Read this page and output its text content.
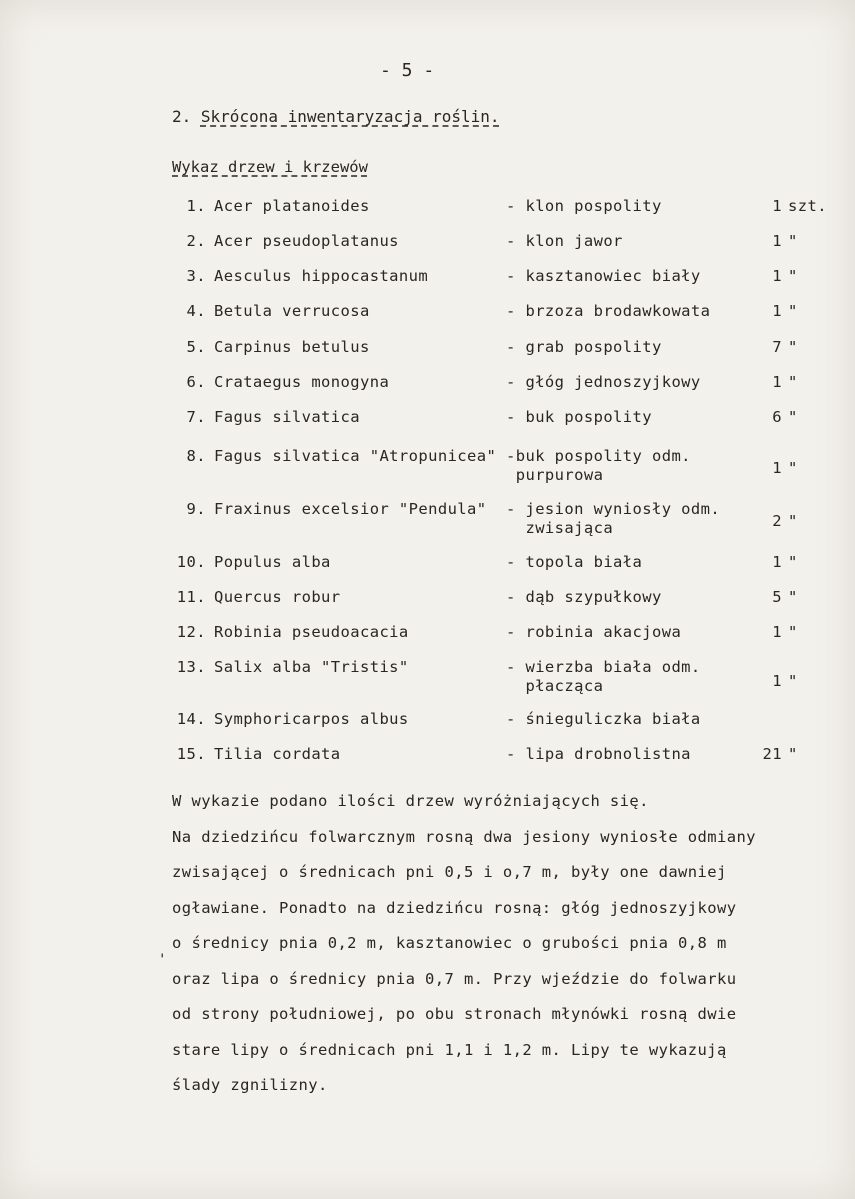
- 5 -
2. Skrócona inwentaryzacja roślin.
Wykaz drzew i krzewów
1. Acer platanoides	- klon pospolity	1 szt.
2. Acer pseudoplatanus	- klon jawor	1 "
3. Aesculus hippocastanum	- kasztanowiec biały	1 "
4. Betula verrucosa	- brzoza brodawkowata	1 "
5. Carpinus betulus	- grab pospolity	7 "
6. Crataegus monogyna	- głóg jednoszyjkowy	1 "
7. Fagus silvatica	- buk pospolity	6 "
8. Fagus silvatica "Atropunicea" -buk pospolity odm.
purpurowa	1 "
9. Fraxinus excelsior "Pendula" - jesion wyniosły odm.
zwisająca	2 "
10. Populus alba	- topola biała	1 "
11. Quercus robur	- dąb szypułkowy	5 "
12. Robinia pseudoacacia	- robinia akacjowa	1 "
13. Salix alba "Tristis"	- wierzba biała odm.
płacząca	1 "
14. Symphoricarpos albus	- śnieguliczka biała
15. Tilia cordata	- lipa drobnolistna	21 "
W wykazie podano ilości drzew wyróżniających się.
Na dziedzińcu folwarcznym rosną dwa jesiony wyniosłe odmiany
zwisającej o średnicach pni 0,5 i o,7 m, były one dawniej
ogławiane. Ponadto na dziedzińcu rosną: głóg jednoszyjkowy
o średnicy pnia 0,2 m, kasztanowiec o grubości pnia 0,8 m
oraz lipa o średnicy pnia 0,7 m. Przy wjeździe do folwarku
od strony południowej, po obu stronach młynówki rosną dwie
stare lipy o średnicach pni 1,1 i 1,2 m. Lipy te wykazują
ślady zgnilizny.
'
